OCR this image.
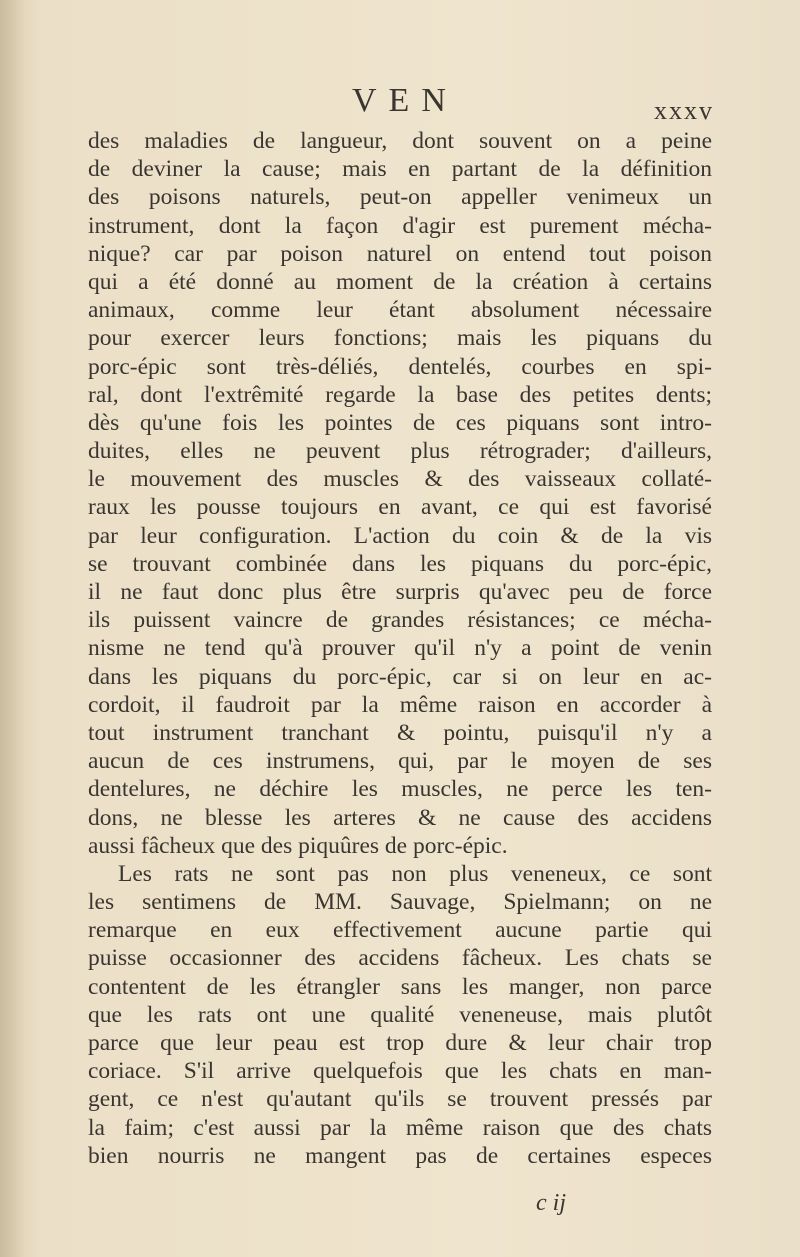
VEN	xxxv
des maladies de langueur, dont souvent on a peine
de deviner la cause; mais en partant de la définition
des poisons naturels, peut-on appeller venimeux un
instrument, dont la façon d'agir est purement mécha-
nique? car par poison naturel on entend tout poison
qui a été donné au moment de la création à certains
animaux, comme leur étant absolument nécessaire
pour exercer leurs fonctions; mais les piquans du
porc-épic sont très-déliés, dentelés, courbes en spi-
ral, dont l'extrêmité regarde la base des petites dents;
dès qu'une fois les pointes de ces piquans sont intro-
duites, elles ne peuvent plus rétrograder; d'ailleurs,
le mouvement des muscles & des vaisseaux collaté-
raux les pousse toujours en avant, ce qui est favorisé
par leur configuration. L'action du coin & de la vis
se trouvant combinée dans les piquans du porc-épic,
il ne faut donc plus être surpris qu'avec peu de force
ils puissent vaincre de grandes résistances; ce mécha-
nisme ne tend qu'à prouver qu'il n'y a point de venin
dans les piquans du porc-épic, car si on leur en ac-
cordoit, il faudroit par la même raison en accorder à
tout instrument tranchant & pointu, puisqu'il n'y a
aucun de ces instrumens, qui, par le moyen de ses
dentelures, ne déchire les muscles, ne perce les ten-
dons, ne blesse les arteres & ne cause des accidens
aussi fâcheux que des piquûres de porc-épic.
Les rats ne sont pas non plus veneneux, ce sont
les sentimens de MM. Sauvage, Spielmann; on ne
remarque en eux effectivement aucune partie qui
puisse occasionner des accidens fâcheux. Les chats se
contentent de les étrangler sans les manger, non parce
que les rats ont une qualité veneneuse, mais plutôt
parce que leur peau est trop dure & leur chair trop
coriace. S'il arrive quelquefois que les chats en man-
gent, ce n'est qu'autant qu'ils se trouvent pressés par
la faim; c'est aussi par la même raison que des chats
bien nourris ne mangent pas de certaines especes
c ij
